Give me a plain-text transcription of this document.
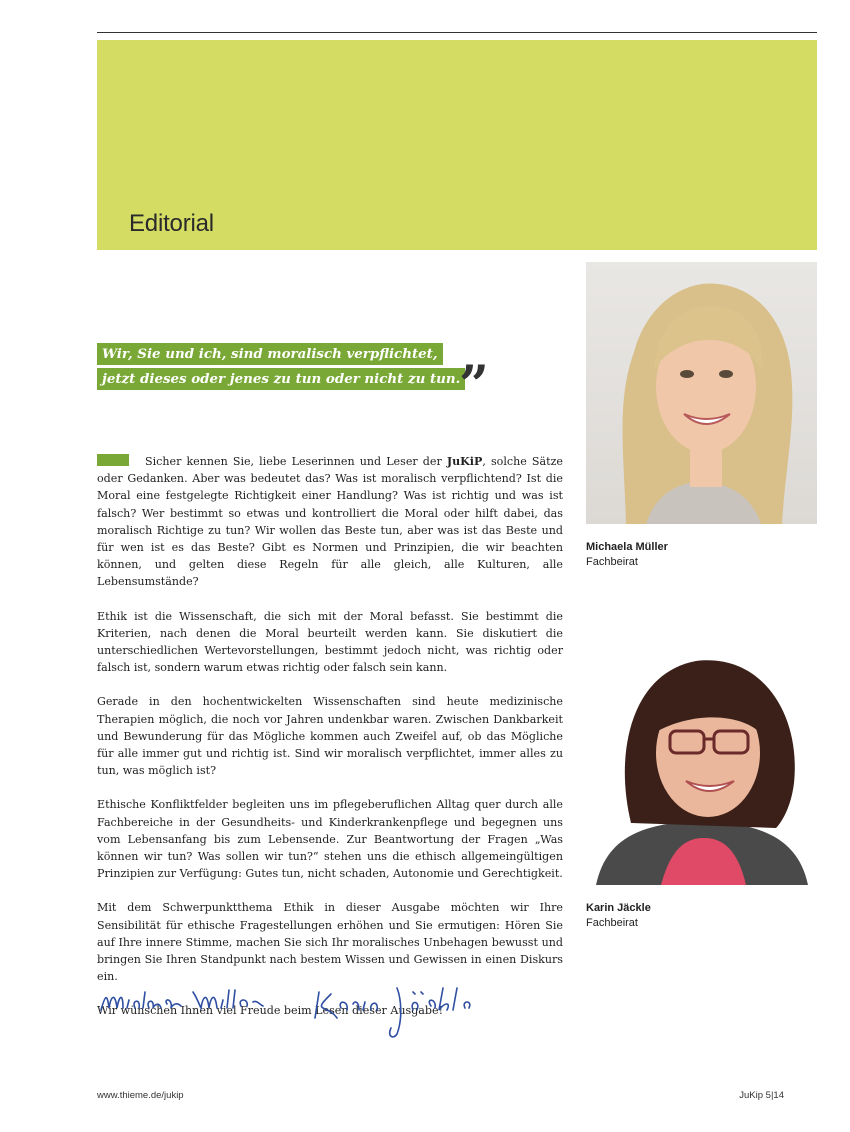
Editorial
Wir, Sie und ich, sind moralisch verpflichtet,
jetzt dieses oder jenes zu tun oder nicht zu tun.
”

Sicher kennen Sie, liebe Leserinnen und Leser der JuKiP, solche Sätze oder Gedanken. Aber was bedeutet das? Was ist moralisch verpflichtend? Ist die Moral eine festgelegte Richtigkeit einer Handlung? Was ist richtig und was ist falsch? Wer bestimmt so etwas und kontrolliert die Moral oder hilft dabei, das moralisch Richtige zu tun? Wir wollen das Beste tun, aber was ist das Beste und für wen ist es das Beste? Gibt es Normen und Prinzipien, die wir beachten können, und gelten diese Regeln für alle gleich, alle Kulturen, alle Lebensumstände?

Ethik ist die Wissenschaft, die sich mit der Moral befasst. Sie bestimmt die Kriterien, nach denen die Moral beurteilt werden kann. Sie diskutiert die unterschiedlichen Wertevorstellungen, bestimmt jedoch nicht, was richtig oder falsch ist, sondern warum etwas richtig oder falsch sein kann.

Gerade in den hochentwickelten Wissenschaften sind heute medizinische Therapien möglich, die noch vor Jahren undenkbar waren. Zwischen Dankbarkeit und Bewunderung für das Mögliche kommen auch Zweifel auf, ob das Mögliche für alle immer gut und richtig ist. Sind wir moralisch verpflichtet, immer alles zu tun, was möglich ist?

Ethische Konfliktfelder begleiten uns im pflegeberuflichen Alltag quer durch alle Fachbereiche in der Gesundheits- und Kinderkrankenpflege und begegnen uns vom Lebensanfang bis zum Lebensende. Zur Beantwortung der Fragen „Was können wir tun? Was sollen wir tun?“ stehen uns die ethisch allgemeingültigen Prinzipien zur Verfügung: Gutes tun, nicht schaden, Autonomie und Gerechtigkeit.

Mit dem Schwerpunktthema Ethik in dieser Ausgabe möchten wir Ihre Sensibilität für ethische Fragestellungen erhöhen und Sie ermutigen: Hören Sie auf Ihre innere Stimme, machen Sie sich Ihr moralisches Unbehagen bewusst und bringen Sie Ihren Standpunkt nach bestem Wissen und Gewissen in einen Diskurs ein.

Wir wünschen Ihnen viel Freude beim Lesen dieser Ausgabe!

Michaela Müller
Fachbeirat
Karin Jäckle
Fachbeirat
www.thieme.de/jukip	JuKip 5|14
